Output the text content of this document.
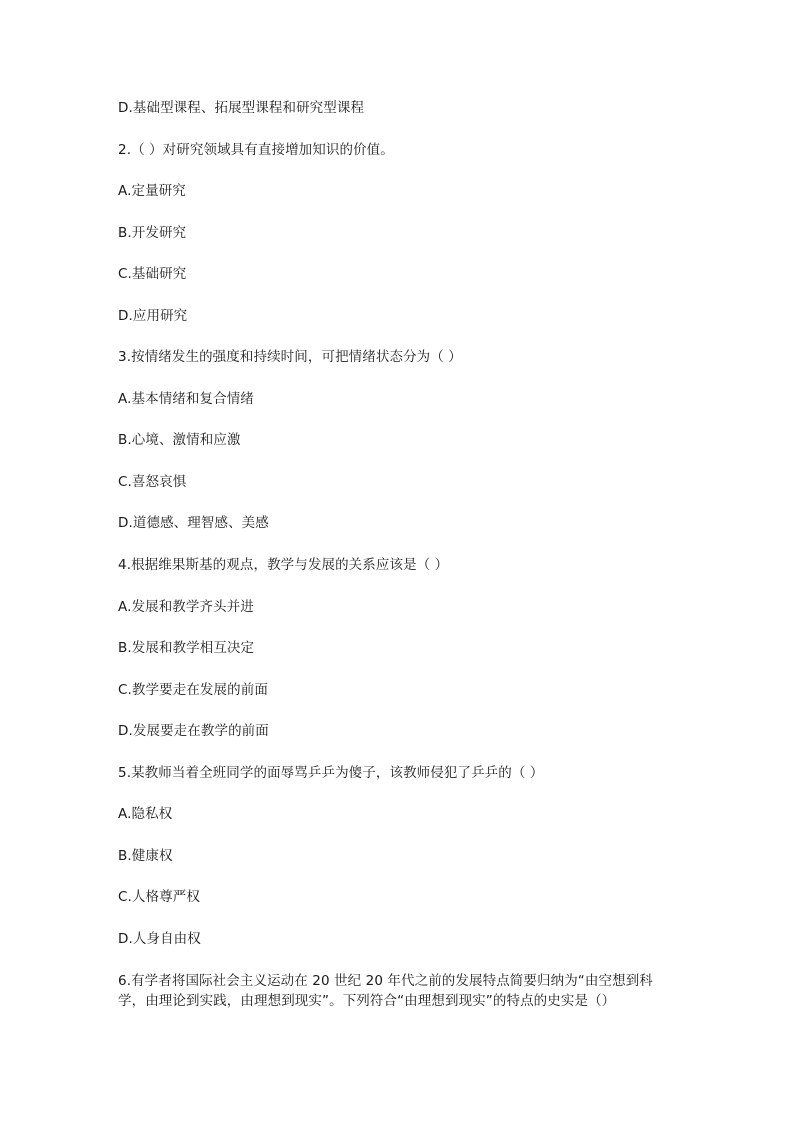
D.基础型课程、拓展型课程和研究型课程
2.（ ）对研究领域具有直接增加知识的价值。
A.定量研究
B.开发研究
C.基础研究
D.应用研究
3.按情绪发生的强度和持续时间，可把情绪状态分为（ ）
A.基本情绪和复合情绪
B.心境、激情和应激
C.喜怒哀惧
D.道德感、理智感、美感
4.根据维果斯基的观点，教学与发展的关系应该是（ ）
A.发展和教学齐头并进
B.发展和教学相互决定
C.教学要走在发展的前面
D.发展要走在教学的前面
5.某教师当着全班同学的面辱骂乒乒为傻子，该教师侵犯了乒乒的（ ）
A.隐私权
B.健康权
C.人格尊严权
D.人身自由权
6.有学者将国际社会主义运动在 20 世纪 20 年代之前的发展特点简要归纳为“由空想到科
学，由理论到实践，由理想到现实”。下列符合“由理想到现实”的特点的史实是（）
